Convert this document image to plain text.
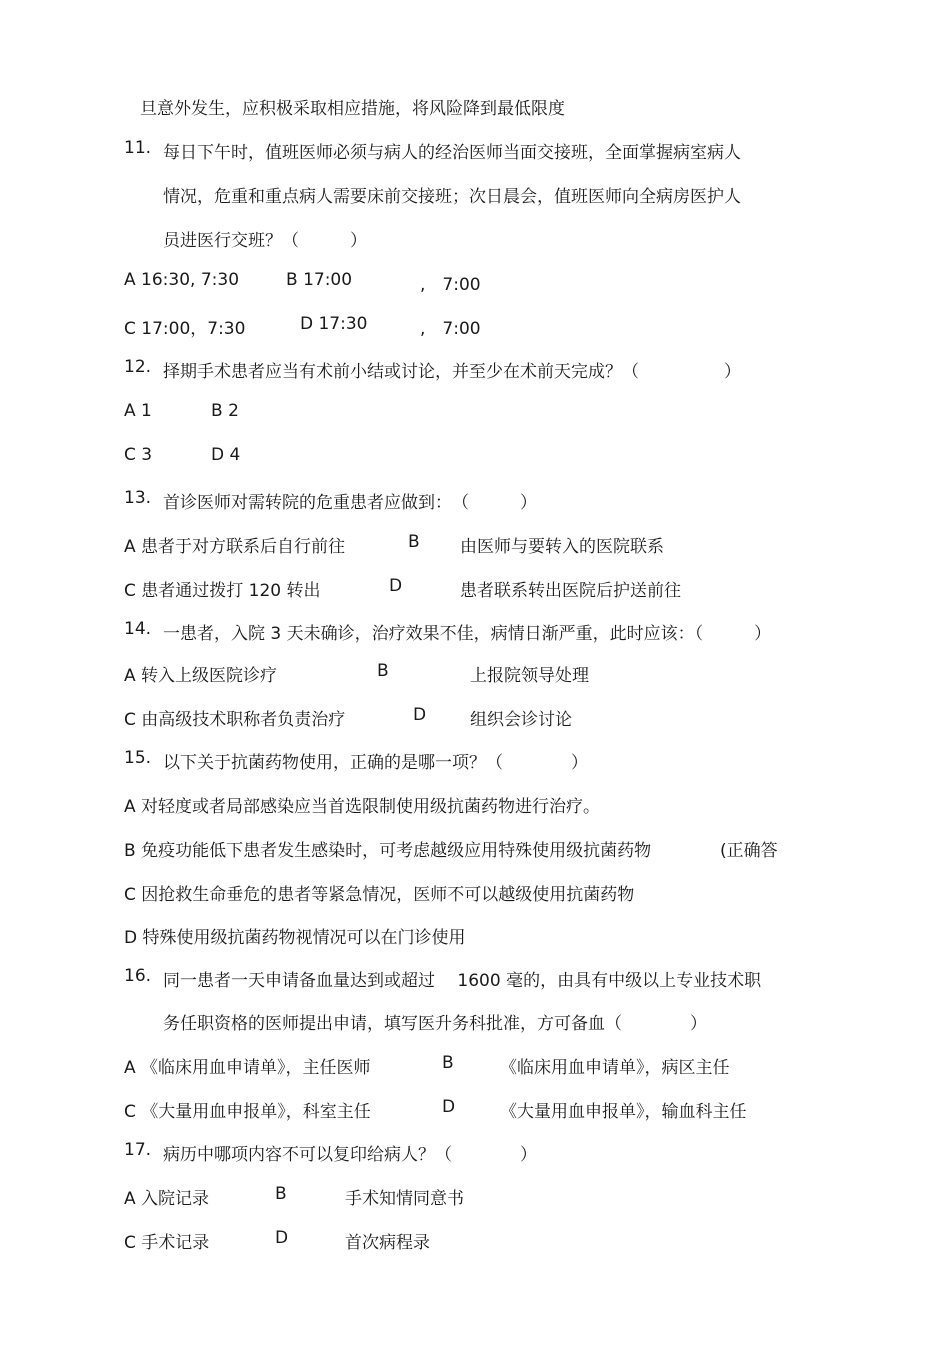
旦意外发生，应积极采取相应措施，将风险降到最低限度
11. 每日下午时，值班医师必须与病人的经治医师当面交接班，全面掌握病室病人
情况，危重和重点病人需要床前交接班；次日晨会，值班医师向全病房医护人
员进医行交班？（　　　）
A 16:30, 7:30	B 17:00	,　7:00
C 17:00，7:30	D 17:30	,　7:00
12. 择期手术患者应当有术前小结或讨论，并至少在术前天完成？（　　　　　）
A 1	B 2
C 3	D 4
13. 首诊医师对需转院的危重患者应做到：　（　　　）
A 患者于对方联系后自行前往	B 由医师与要转入的医院联系
C 患者通过拨打 120 转出	D	患者联系转出医院后护送前往
14. 一患者，入院 3 天未确诊，治疗效果不佳，病情日渐严重，此时应该：（　　　）
A 转入上级医院诊疗	B	上报院领导处理
C 由高级技术职称者负责治疗	D	组织会诊讨论
15. 以下关于抗菌药物使用，正确的是哪一项？（　　　　）
A 对轻度或者局部感染应当首选限制使用级抗菌药物进行治疗。
B 免疫功能低下患者发生感染时，可考虑越级应用特殊使用级抗菌药物	(正确答
C 因抢救生命垂危的患者等紧急情况，医师不可以越级使用抗菌药物
D 特殊使用级抗菌药物视情况可以在门诊使用
16. 同一患者一天申请备血量达到或超过　 1600 毫的，由具有中级以上专业技术职
务任职资格的医师提出申请，填写医升务科批准，方可备血（　　　　）
A 《临床用血申请单》，主任医师	B	《临床用血申请单》，病区主任
C 《大量用血申报单》，科室主任	D	《大量用血申报单》，输血科主任
17. 病历中哪项内容不可以复印给病人？（　　　　）
A 入院记录	B	手术知情同意书
C 手术记录	D	首次病程录
